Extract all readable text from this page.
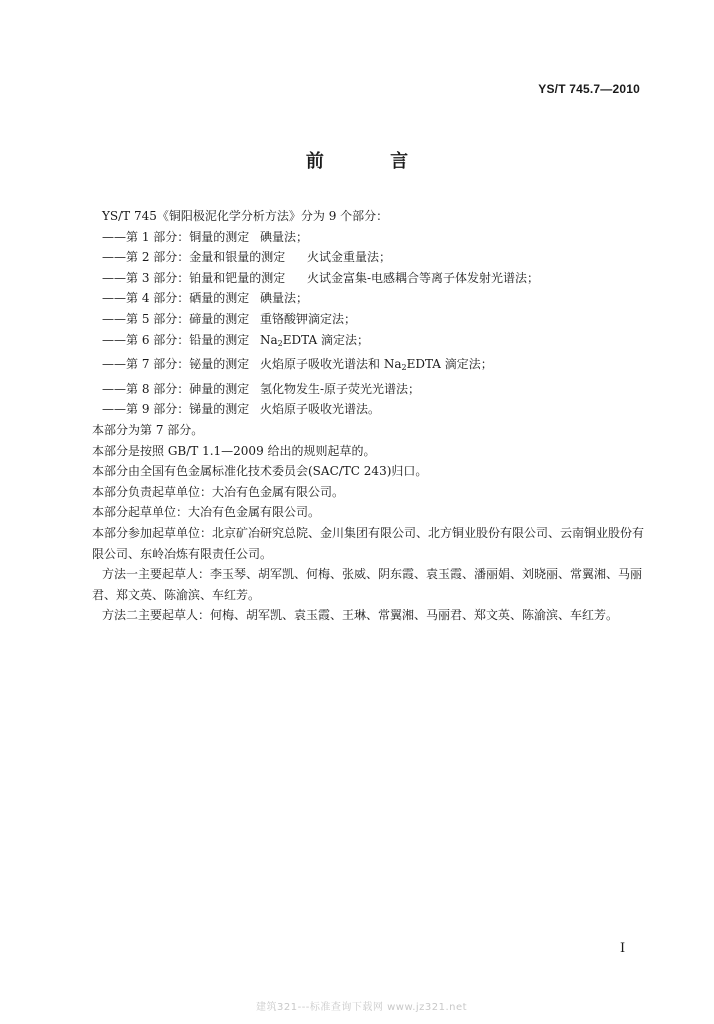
YS/T 745.7—2010
前 言

YS/T 745《铜阳极泥化学分析方法》分为 9 个部分：

——第 1 部分：铜量的测定 碘量法；

——第 2 部分：金量和银量的测定 火试金重量法；

——第 3 部分：铂量和钯量的测定 火试金富集-电感耦合等离子体发射光谱法；

——第 4 部分：硒量的测定 碘量法；

——第 5 部分：碲量的测定 重铬酸钾滴定法；

——第 6 部分：铅量的测定 $Na_2EDTA$ 滴定法；

——第 7 部分：铋量的测定 火焰原子吸收光谱法和 $Na_2EDTA$ 滴定法；

——第 8 部分：砷量的测定 氢化物发生-原子荧光光谱法；

——第 9 部分：锑量的测定 火焰原子吸收光谱法。

本部分为第 7 部分。

本部分是按照 GB/T 1.1—2009 给出的规则起草的。

本部分由全国有色金属标准化技术委员会(SAC/TC 243)归口。

本部分负责起草单位：大冶有色金属有限公司。

本部分起草单位：大冶有色金属有限公司。

本部分参加起草单位：北京矿冶研究总院、金川集团有限公司、北方铜业股份有限公司、云南铜业股份有限公司、东岭冶炼有限责任公司。

方法一主要起草人：李玉琴、胡军凯、何梅、张威、阴东霞、袁玉霞、潘丽娟、刘晓丽、常翼湘、马丽君、郑文英、陈渝滨、车红芳。

方法二主要起草人：何梅、胡军凯、袁玉霞、王琳、常翼湘、马丽君、郑文英、陈渝滨、车红芳。

I
建筑321---标准查询下载网 www.jz321.net
